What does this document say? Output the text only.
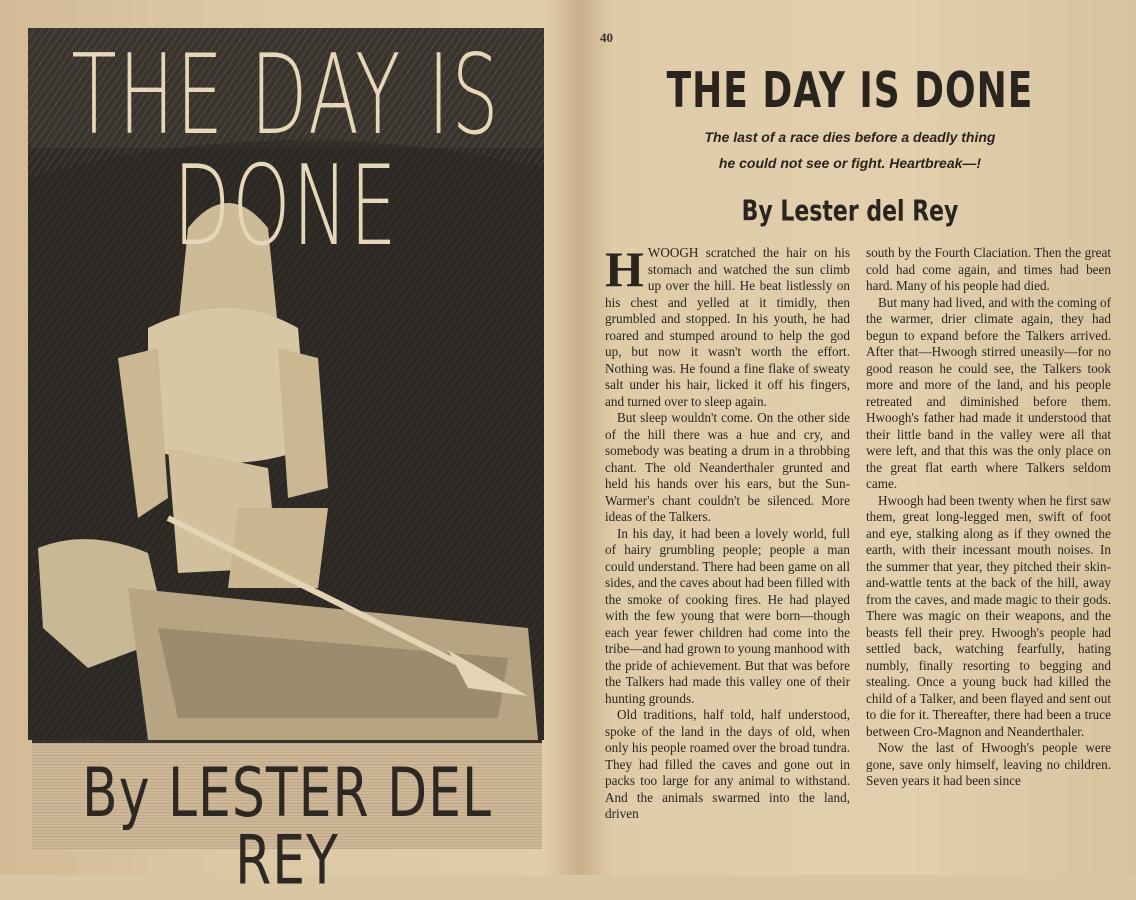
THE DAY IS DONE
By LESTER DEL REY
40
THE DAY IS DONE
The last of a race dies before a deadly thing
he could not see or fight. Heartbreak—!
By Lester del Rey

HWOOGH scratched the hair on his stomach and watched the sun climb up over the hill. He beat listlessly on his chest and yelled at it timidly, then grumbled and stopped. In his youth, he had roared and stumped around to help the god up, but now it wasn't worth the effort. Nothing was. He found a fine flake of sweaty salt under his hair, licked it off his fingers, and turned over to sleep again.

But sleep wouldn't come. On the other side of the hill there was a hue and cry, and somebody was beating a drum in a throbbing chant. The old Neanderthaler grunted and held his hands over his ears, but the Sun-Warmer's chant couldn't be silenced. More ideas of the Talkers.

In his day, it had been a lovely world, full of hairy grumbling people; people a man could understand. There had been game on all sides, and the caves about had been filled with the smoke of cooking fires. He had played with the few young that were born—though each year fewer children had come into the tribe—and had grown to young manhood with the pride of achievement. But that was before the Talkers had made this valley one of their hunting grounds.

Old traditions, half told, half understood, spoke of the land in the days of old, when only his people roamed over the broad tundra. They had filled the caves and gone out in packs too large for any animal to withstand. And the animals swarmed into the land, driven

south by the Fourth Claciation. Then the great cold had come again, and times had been hard. Many of his people had died.

But many had lived, and with the coming of the warmer, drier climate again, they had begun to expand before the Talkers arrived. After that—Hwoogh stirred uneasily—for no good reason he could see, the Talkers took more and more of the land, and his people retreated and diminished before them. Hwoogh's father had made it understood that their little band in the valley were all that were left, and that this was the only place on the great flat earth where Talkers seldom came.

Hwoogh had been twenty when he first saw them, great long-legged men, swift of foot and eye, stalking along as if they owned the earth, with their incessant mouth noises. In the summer that year, they pitched their skin-and-wattle tents at the back of the hill, away from the caves, and made magic to their gods. There was magic on their weapons, and the beasts fell their prey. Hwoogh's people had settled back, watching fearfully, hating numbly, finally resorting to begging and stealing. Once a young buck had killed the child of a Talker, and been flayed and sent out to die for it. Thereafter, there had been a truce between Cro-Magnon and Neanderthaler.

Now the last of Hwoogh's people were gone, save only himself, leaving no children. Seven years it had been since
